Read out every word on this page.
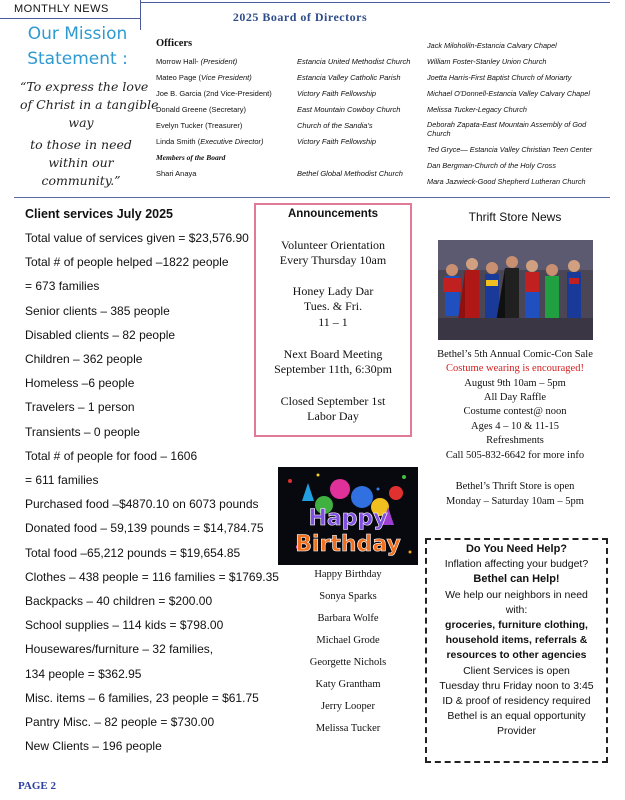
MONTHLY NEWS
Our Mission
Statement :
“To express the love
of Christ in a tangible
way
to those in need
within our
community.”
2025 Board of Directors
Officers
Morrow Hall- (President)
Mateo Page (Vice President)
Joe B. Garcia (2nd Vice-President)
Donald Greene (Secretary)
Evelyn Tucker (Treasurer)
Linda Smith (Executive Director)
Members of the Board
Shari Anaya
Estancia United Methodist Church
Estancia Valley Catholic Parish
Victory Faith Fellowship
East Mountain Cowboy Church
Church of the Sandia's
Victory Faith Fellowship
Bethel Global Methodist Church
Jack Miloholiln-Estancia Calvary Chapel
William Foster-Stanley Union Church
Joetta Harris-First Baptist Church of Moriarty
Michael O'Donnell-Estancia Valley Calvary Chapel
Melissa Tucker-Legacy Church
Deborah Zapata-East Mountain Assembly of God Church
Ted Gryce— Estancia Valley Christian Teen Center
Dan Bergman-Church of the Holy Cross
Mara Jazwieck-Good Shepherd Lutheran Church
Client services July 2025
Total value of services given = $23,576.90
Total # of people helped –1822 people
= 673 families
Senior clients – 385 people
Disabled clients – 82 people
Children – 362 people
Homeless –6 people
Travelers – 1 person
Transients – 0 people
Total # of people for food – 1606
= 611 families
Purchased food –$4870.10 on 6073 pounds
Donated food – 59,139 pounds = $14,784.75
Total food –65,212 pounds = $19,654.85
Clothes – 438 people = 116 families = $1769.35
Backpacks – 40 children = $200.00
School supplies – 114 kids = $798.00
Housewares/furniture – 32 families,
134 people = $362.95
Misc. items – 6 families, 23 people = $61.75
Pantry Misc. – 82 people = $730.00
New Clients – 196 people
Announcements
Volunteer Orientation
Every Thursday 10am
Honey Lady Dar
Tues. & Fri.
11 – 1
Next Board Meeting
September 11th, 6:30pm
Closed September 1st
Labor Day
Happy
Birthday
Happy Birthday
Sonya Sparks
Barbara Wolfe
Michael Grode
Georgette Nichols
Katy Grantham
Jerry Looper
Melissa Tucker
Thrift Store News
Bethel’s 5th Annual Comic-Con Sale
Costume wearing is encouraged!
August 9th 10am – 5pm
All Day Raffle
Costume contest@ noon
Ages 4 – 10 & 11-15
Refreshments
Call 505-832-6642 for more info
Bethel’s Thrift Store is open
Monday – Saturday 10am – 5pm
Do You Need Help?
Inflation affecting your budget?
Bethel can Help!
We help our neighbors in need
with:
groceries, furniture clothing,
household items, referrals &
resources to other agencies
Client Services is open
Tuesday thru Friday noon to 3:45
ID & proof of residency required
Bethel is an equal opportunity
Provider
PAGE 2
